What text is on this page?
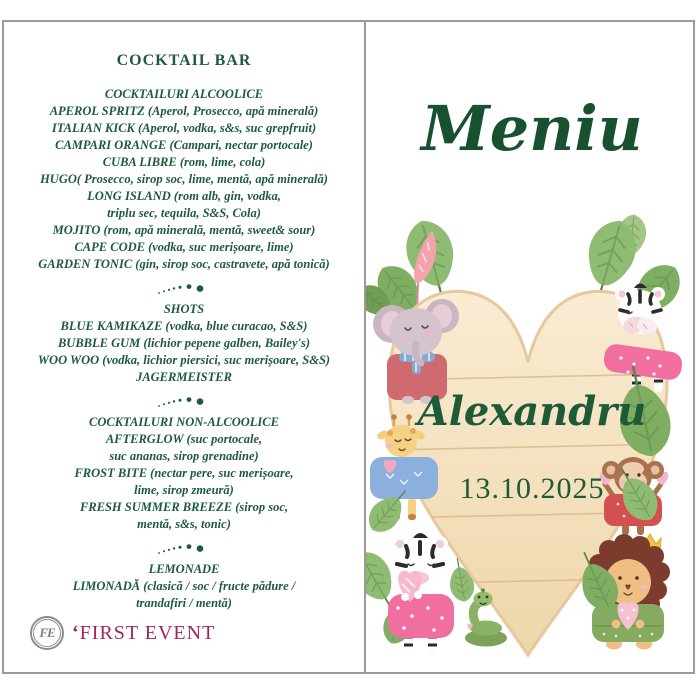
COCKTAIL BAR
COCKTAILURI ALCOOLICE
APEROL SPRITZ (Aperol, Prosecco, apă minerală)
ITALIAN KICK (Aperol, vodka, s&s, suc grepfruit)
CAMPARI ORANGE (Campari, nectar portocale)
CUBA LIBRE (rom, lime, cola)
HUGO( Prosecco, sirop soc, lime, mentă, apă minerală)
LONG ISLAND (rom alb, gin, vodka,
triplu sec, tequila, S&S, Cola)
MOJITO (rom, apă minerală, mentă, sweet& sour)
CAPE CODE (vodka, suc merișoare, lime)
GARDEN TONIC (gin, sirop soc, castravete, apă tonică)
SHOTS
BLUE KAMIKAZE (vodka, blue curacao, S&S)
BUBBLE GUM (lichior pepene galben, Bailey's)
WOO WOO (vodka, lichior piersici, suc merișoare, S&S)
JAGERMEISTER
COCKTAILURI NON-ALCOOLICE
AFTERGLOW (suc portocale,
suc ananas, sirop grenadine)
FROST BITE (nectar pere, suc merișoare,
lime, sirop zmeură)
FRESH SUMMER BREEZE (sirop soc,
mentă, s&s, tonic)
LEMONADE
LIMONADĂ (clasică / soc / fructe pădure /
trandafiri / mentă)
FE ‘ FIRST EVENT
Meniu
Alexandru
13.10.2025
